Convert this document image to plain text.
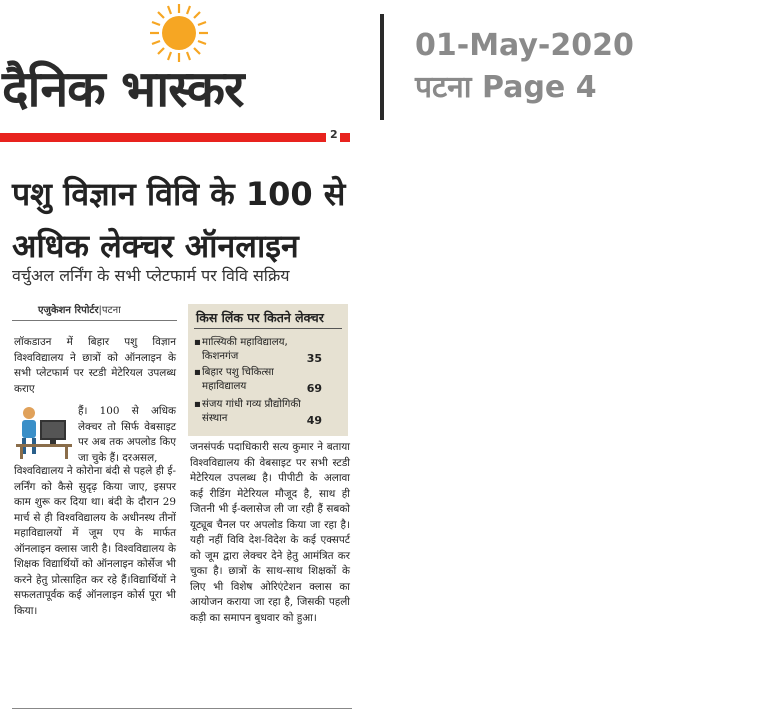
दैनिक भास्कर
01-May-2020
पटना Page 4
2
पशु विज्ञान विवि के 100 से
अधिक लेक्चर ऑनलाइन
वर्चुअल लर्निंग के सभी प्लेटफार्म पर विवि सक्रिय
एजुकेशन रिपोर्टर|पटना
लॉकडाउन में बिहार पशु विज्ञान विश्वविद्यालय ने छात्रों को ऑनलाइन के सभी प्लेटफार्म पर स्टडी मेटेरियल उपलब्ध कराए
हैं। 100 से अधिक लेक्चर तो सिर्फ वेबसाइट पर अब तक अपलोड किए जा चुके हैं। दरअसल,
विश्वविद्यालय ने कोरोना बंदी से पहले ही ई-लर्निंग को कैसे सुदृढ़ किया जाए, इसपर काम शुरू कर दिया था। बंदी के दौरान 29 मार्च से ही विश्वविद्यालय के अधीनस्थ तीनों महाविद्यालयों में जूम एप के मार्फत ऑनलाइन क्लास जारी है। विश्वविद्यालय के शिक्षक विद्यार्थियों को ऑनलाइन कोर्सेज भी करने हेतु प्रोत्साहित कर रहे हैं।विद्यार्थियों ने सफलतापूर्वक कई ऑनलाइन कोर्स पूरा भी किया।
किस लिंक पर कितने लेक्चर
▪मात्स्यिकी महाविद्यालय,
किशनगंज	35
▪बिहार पशु चिकित्सा
महाविद्यालय	69
▪संजय गांधी गव्य प्रौद्योगिकी
संस्थान	49
जनसंपर्क पदाधिकारी सत्य कुमार ने बताया विश्वविद्यालय की वेबसाइट पर सभी स्टडी मेटेरियल उपलब्ध है। पीपीटी के अलावा कई रीडिंग मेटेरियल मौजूद है, साथ ही जितनी भी ई-क्लासेज ली जा रही हैं सबको यूट्यूब चैनल पर अपलोड किया जा रहा है। यही नहीं विवि देश-विदेश के कई एक्सपर्ट को जूम द्वारा लेक्चर देने हेतु आमंत्रित कर चुका है। छात्रों के साथ-साथ शिक्षकों के लिए भी विशेष ओरिएंटेशन क्लास का आयोजन कराया जा रहा है, जिसकी पहली कड़ी का समापन बुधवार को हुआ।
